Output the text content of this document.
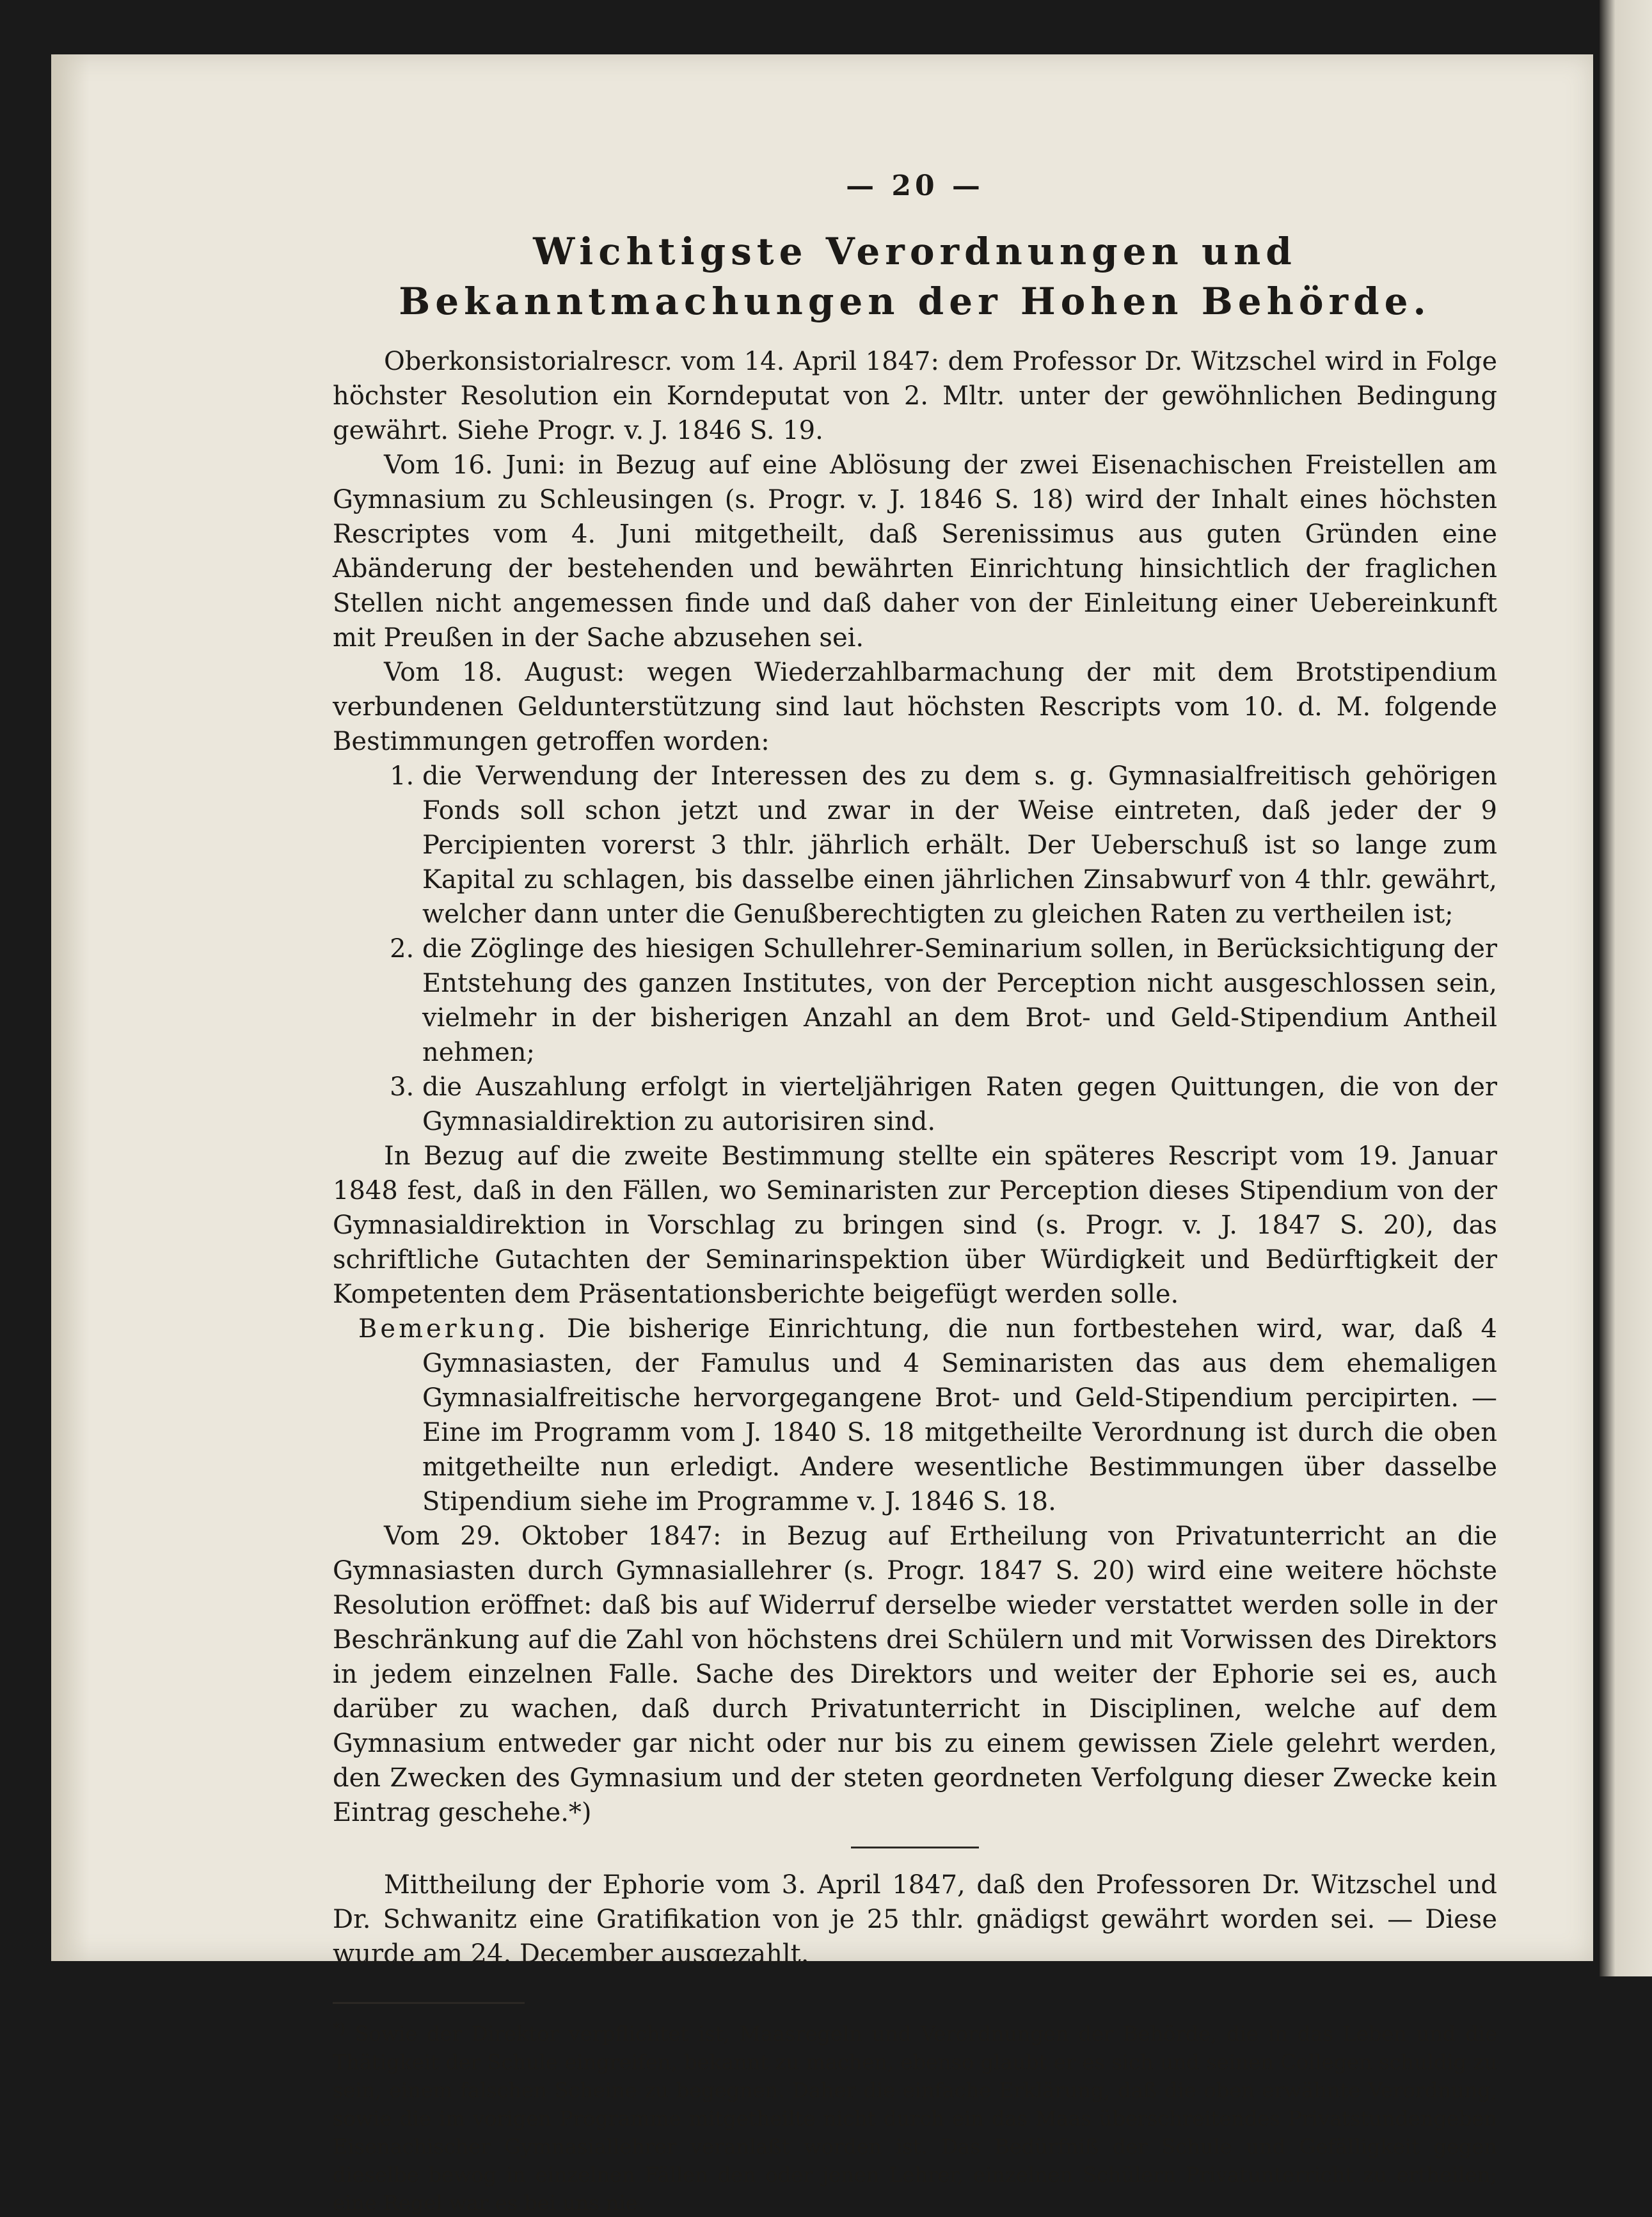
— 20 —
Wichtigste Verordnungen und Bekanntmachungen der Hohen Behörde.

Oberkonsistorialrescr. vom 14. April 1847: dem Professor Dr. Witzschel wird in Folge höchster Resolution ein Korndeputat von 2. Mltr. unter der gewöhnlichen Bedingung gewährt. Siehe Progr. v. J. 1846 S. 19.

Vom 16. Juni: in Bezug auf eine Ablösung der zwei Eisenachischen Freistellen am Gymnasium zu Schleusingen (s. Progr. v. J. 1846 S. 18) wird der Inhalt eines höchsten Rescriptes vom 4. Juni mitgetheilt, daß Serenissimus aus guten Gründen eine Abänderung der bestehenden und bewährten Einrichtung hinsichtlich der fraglichen Stellen nicht angemessen finde und daß daher von der Einleitung einer Uebereinkunft mit Preußen in der Sache abzusehen sei.

Vom 18. August: wegen Wiederzahlbarmachung der mit dem Brotstipendium verbundenen Geldunterstützung sind laut höchsten Rescripts vom 10. d. M. folgende Bestimmungen getroffen worden:

1. die Verwendung der Interessen des zu dem s. g. Gymnasialfreitisch gehörigen Fonds soll schon jetzt und zwar in der Weise eintreten, daß jeder der 9 Percipienten vorerst 3 thlr. jährlich erhält. Der Ueberschuß ist so lange zum Kapital zu schlagen, bis dasselbe einen jährlichen Zinsabwurf von 4 thlr. gewährt, welcher dann unter die Genußberechtigten zu gleichen Raten zu vertheilen ist;
2. die Zöglinge des hiesigen Schullehrer-Seminarium sollen, in Berücksichtigung der Entstehung des ganzen Institutes, von der Perception nicht ausgeschlossen sein, vielmehr in der bisherigen Anzahl an dem Brot- und Geld-Stipendium Antheil nehmen;
3. die Auszahlung erfolgt in vierteljährigen Raten gegen Quittungen, die von der Gymnasialdirektion zu autorisiren sind.

In Bezug auf die zweite Bestimmung stellte ein späteres Rescript vom 19. Januar 1848 fest, daß in den Fällen, wo Seminaristen zur Perception dieses Stipendium von der Gymnasialdirektion in Vorschlag zu bringen sind (s. Progr. v. J. 1847 S. 20), das schriftliche Gutachten der Seminarinspektion über Würdigkeit und Bedürftigkeit der Kompetenten dem Präsentationsberichte beigefügt werden solle.

Bemerkung. Die bisherige Einrichtung, die nun fortbestehen wird, war, daß 4 Gymnasiasten, der Famulus und 4 Seminaristen das aus dem ehemaligen Gymnasialfreitische hervorgegangene Brot- und Geld-Stipendium percipirten. — Eine im Programm vom J. 1840 S. 18 mitgetheilte Verordnung ist durch die oben mitgetheilte nun erledigt. Andere wesentliche Bestimmungen über dasselbe Stipendium siehe im Programme v. J. 1846 S. 18.

Vom 29. Oktober 1847: in Bezug auf Ertheilung von Privatunterricht an die Gymnasiasten durch Gymnasiallehrer (s. Progr. 1847 S. 20) wird eine weitere höchste Resolution eröffnet: daß bis auf Widerruf derselbe wieder verstattet werden solle in der Beschränkung auf die Zahl von höchstens drei Schülern und mit Vorwissen des Direktors in jedem einzelnen Falle. Sache des Direktors und weiter der Ephorie sei es, auch darüber zu wachen, daß durch Privatunterricht in Disciplinen, welche auf dem Gymnasium entweder gar nicht oder nur bis zu einem gewissen Ziele gelehrt werden, den Zwecken des Gymnasium und der steten geordneten Verfolgung dieser Zwecke kein Eintrag geschehe.*)

Mittheilung der Ephorie vom 3. April 1847, daß den Professoren Dr. Witzschel und Dr. Schwanitz eine Gratifikation von je 25 thlr. gnädigst gewährt worden sei. — Diese wurde am 24. December ausgezahlt.

*) Sowie der Direktor verpflichtet ist, Maasregeln und Verordnungen der Behörde, die in das Leben und die Thätigkeit der Schule eingreifen, bekannt zu machen, ebenso glaubt er es sich und seinen Collegen schuldig zu sein, einem falschen Scheine zu begegnen. Daher die einfache Erklärung, daß die oben erwähnte Verordnung, sowie die im vorigen Programme mitgetheilte nicht durch ein das Maas überschreitendes Privatstundengeben Eisenachischer Gymnasiallehrer veranlaßt worden ist. Das Bedürfniß der Schule und Gefälligkeit gegen dieselbe bewog in einzelnen Fällen den oder jenen Lehrer, einzelnen Schülern Privatunterricht zu ertheilen; eine Regel war es bei uns nie.
